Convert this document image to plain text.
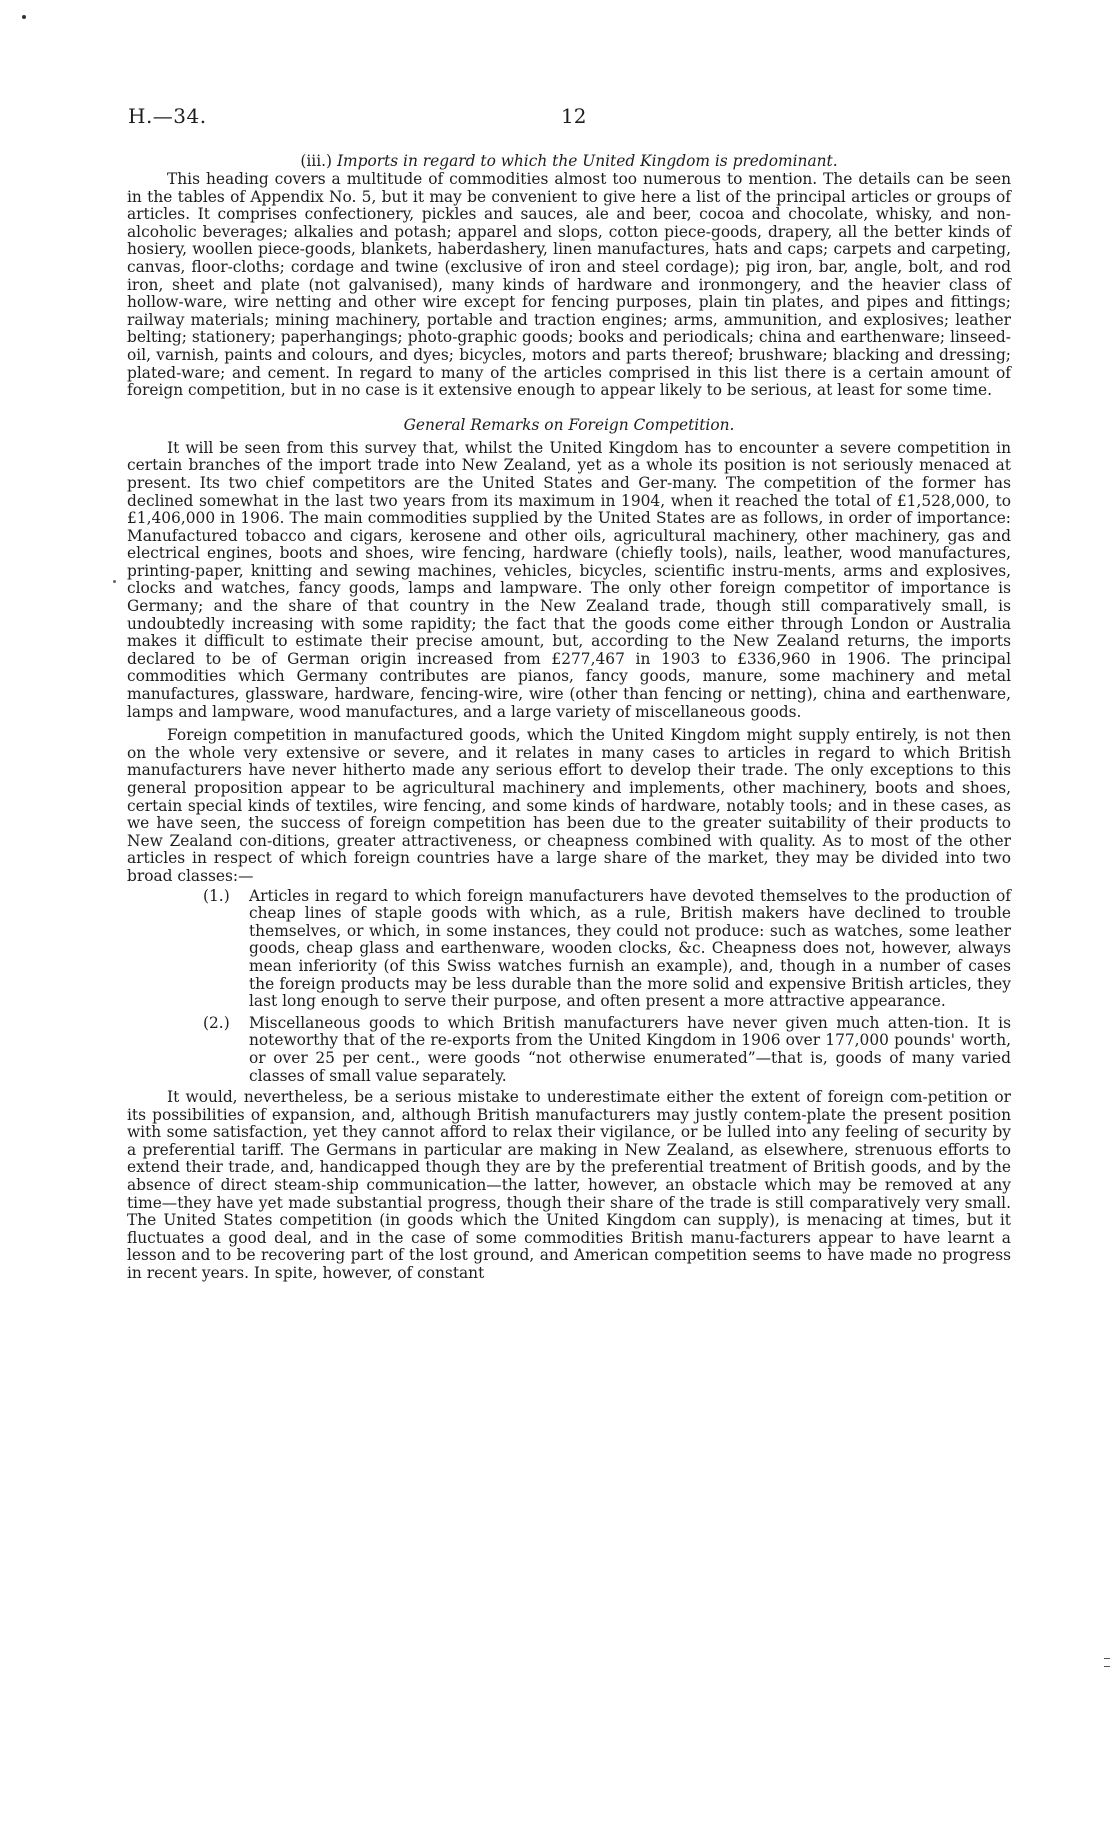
H.—34.	12
(iii.) Imports in regard to which the United Kingdom is predominant.

This heading covers a multitude of commodities almost too numerous to mention. The details can be seen in the tables of Appendix No. 5, but it may be convenient to give here a list of the principal articles or groups of articles. It comprises confectionery, pickles and sauces, ale and beer, cocoa and chocolate, whisky, and non-alcoholic beverages; alkalies and potash; apparel and slops, cotton piece-goods, drapery, all the better kinds of hosiery, woollen piece-goods, blankets, haberdashery, linen manufactures, hats and caps; carpets and carpeting, canvas, floor-cloths; cordage and twine (exclusive of iron and steel cordage); pig iron, bar, angle, bolt, and rod iron, sheet and plate (not galvanised), many kinds of hardware and ironmongery, and the heavier class of hollow-ware, wire netting and other wire except for fencing purposes, plain tin plates, and pipes and fittings; railway materials; mining machinery, portable and traction engines; arms, ammunition, and explosives; leather belting; stationery; paperhangings; photo-graphic goods; books and periodicals; china and earthenware; linseed-oil, varnish, paints and colours, and dyes; bicycles, motors and parts thereof; brushware; blacking and dressing; plated-ware; and cement. In regard to many of the articles comprised in this list there is a certain amount of foreign competition, but in no case is it extensive enough to appear likely to be serious, at least for some time.

General Remarks on Foreign Competition.

It will be seen from this survey that, whilst the United Kingdom has to encounter a severe competition in certain branches of the import trade into New Zealand, yet as a whole its position is not seriously menaced at present. Its two chief competitors are the United States and Ger-many. The competition of the former has declined somewhat in the last two years from its maximum in 1904, when it reached the total of £1,528,000, to £1,406,000 in 1906. The main commodities supplied by the United States are as follows, in order of importance: Manufactured tobacco and cigars, kerosene and other oils, agricultural machinery, other machinery, gas and electrical engines, boots and shoes, wire fencing, hardware (chiefly tools), nails, leather, wood manufactures, printing-paper, knitting and sewing machines, vehicles, bicycles, scientific instru-ments, arms and explosives, clocks and watches, fancy goods, lamps and lampware. The only other foreign competitor of importance is Germany; and the share of that country in the New Zealand trade, though still comparatively small, is undoubtedly increasing with some rapidity; the fact that the goods come either through London or Australia makes it difficult to estimate their precise amount, but, according to the New Zealand returns, the imports declared to be of German origin increased from £277,467 in 1903 to £336,960 in 1906. The principal commodities which Germany contributes are pianos, fancy goods, manure, some machinery and metal manufactures, glassware, hardware, fencing-wire, wire (other than fencing or netting), china and earthenware, lamps and lampware, wood manufactures, and a large variety of miscellaneous goods.

Foreign competition in manufactured goods, which the United Kingdom might supply entirely, is not then on the whole very extensive or severe, and it relates in many cases to articles in regard to which British manufacturers have never hitherto made any serious effort to develop their trade. The only exceptions to this general proposition appear to be agricultural machinery and implements, other machinery, boots and shoes, certain special kinds of textiles, wire fencing, and some kinds of hardware, notably tools; and in these cases, as we have seen, the success of foreign competition has been due to the greater suitability of their products to New Zealand con-ditions, greater attractiveness, or cheapness combined with quality. As to most of the other articles in respect of which foreign countries have a large share of the market, they may be divided into two broad classes:—

(1.) Articles in regard to which foreign manufacturers have devoted themselves to the production of cheap lines of staple goods with which, as a rule, British makers have declined to trouble themselves, or which, in some instances, they could not produce: such as watches, some leather goods, cheap glass and earthenware, wooden clocks, &c. Cheapness does not, however, always mean inferiority (of this Swiss watches furnish an example), and, though in a number of cases the foreign products may be less durable than the more solid and expensive British articles, they last long enough to serve their purpose, and often present a more attractive appearance.
(2.) Miscellaneous goods to which British manufacturers have never given much atten-tion. It is noteworthy that of the re-exports from the United Kingdom in 1906 over 177,000 pounds' worth, or over 25 per cent., were goods “not otherwise enumerated”—that is, goods of many varied classes of small value separately.

It would, nevertheless, be a serious mistake to underestimate either the extent of foreign com-petition or its possibilities of expansion, and, although British manufacturers may justly contem-plate the present position with some satisfaction, yet they cannot afford to relax their vigilance, or be lulled into any feeling of security by a preferential tariff. The Germans in particular are making in New Zealand, as elsewhere, strenuous efforts to extend their trade, and, handicapped though they are by the preferential treatment of British goods, and by the absence of direct steam-ship communication—the latter, however, an obstacle which may be removed at any time—they have yet made substantial progress, though their share of the trade is still comparatively very small. The United States competition (in goods which the United Kingdom can supply), is menacing at times, but it fluctuates a good deal, and in the case of some commodities British manu-facturers appear to have learnt a lesson and to be recovering part of the lost ground, and American competition seems to have made no progress in recent years. In spite, however, of constant
